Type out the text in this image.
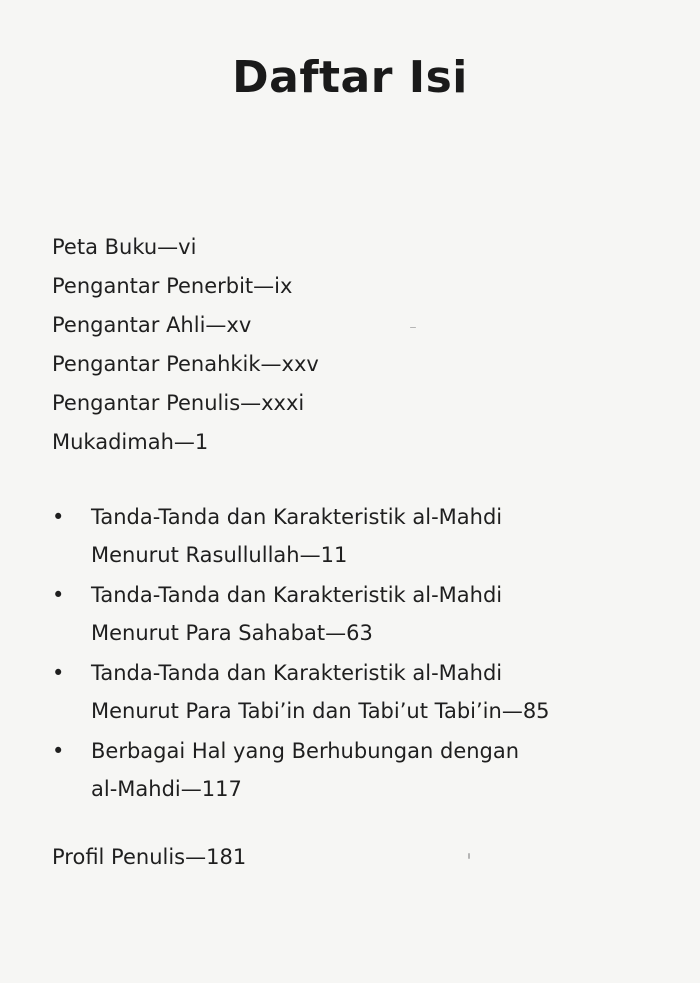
Daftar Isi
Peta Buku—vi
Pengantar Penerbit—ix
Pengantar Ahli—xv
Pengantar Penahkik—xxv
Pengantar Penulis—xxxi
Mukadimah—1
• Tanda-Tanda dan Karakteristik al-Mahdi
Menurut Rasullullah—11
• Tanda-Tanda dan Karakteristik al-Mahdi
Menurut Para Sahabat—63
• Tanda-Tanda dan Karakteristik al-Mahdi
Menurut Para Tabi’in dan Tabi’ut Tabi’in—85
• Berbagai Hal yang Berhubungan dengan
al-Mahdi—117

Profil Penulis—181
